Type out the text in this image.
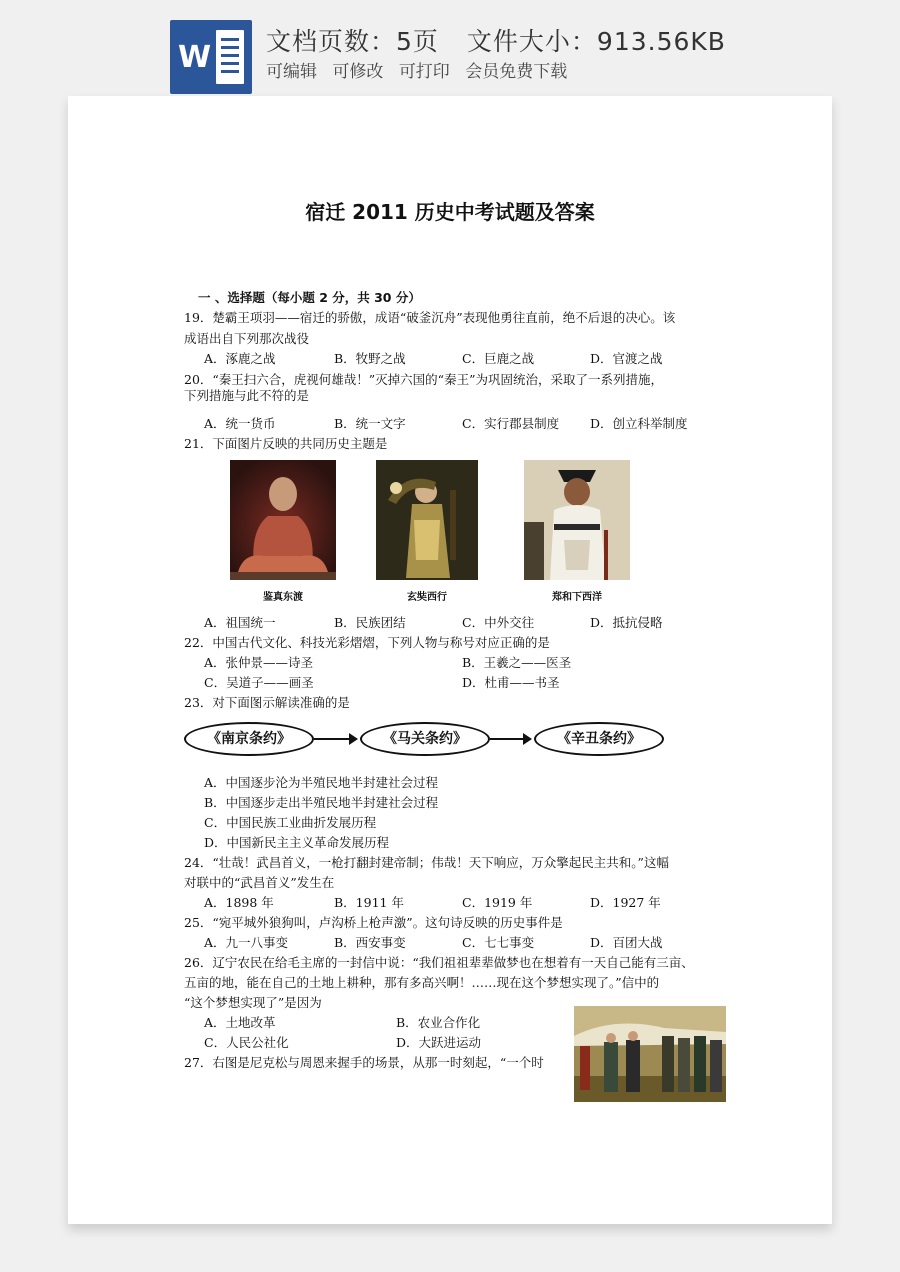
W 文档页数：5页 文件大小：913.56KB
可编辑 可修改 可打印 会员免费下载
宿迁 2011 历史中考试题及答案
一 、选择题（每小题 2 分，共 30 分）
19．楚霸王项羽——宿迁的骄傲，成语“破釜沉舟”表现他勇往直前，绝不后退的决心。该
成语出自下列那次战役
A．涿鹿之战	B．牧野之战	C．巨鹿之战	D．官渡之战
20．“秦王扫六合，虎视何雄哉！”灭掉六国的“秦王”为巩固统治，采取了一系列措施，
下列措施与此不符的是
A．统一货币	B．统一文字	C．实行郡县制度 D．创立科举制度
21．下面图片反映的共同历史主题是
鉴真东渡	玄奘西行	郑和下西洋
A．祖国统一	B．民族团结	C．中外交往	D．抵抗侵略
22．中国古代文化、科技光彩熠熠，下列人物与称号对应正确的是
A．张仲景——诗圣	B．王羲之——医圣
C．吴道子——画圣	D．杜甫——书圣
23．对下面图示解读准确的是
《南京条约》	《马关条约》	《辛丑条约》
A．中国逐步沦为半殖民地半封建社会过程
B．中国逐步走出半殖民地半封建社会过程
C．中国民族工业曲折发展历程
D．中国新民主主义革命发展历程
24．“壮哉！武昌首义，一枪打翻封建帝制；伟哉！天下响应，万众擎起民主共和。”这幅
对联中的“武昌首义”发生在
A．1898 年	B．1911 年	C．1919 年	D．1927 年
25．“宛平城外狼狗叫，卢沟桥上枪声激”。这句诗反映的历史事件是
A．九一八事变	B．西安事变	C．七七事变	D．百团大战
26．辽宁农民在给毛主席的一封信中说：“我们祖祖辈辈做梦也在想着有一天自己能有三亩、
五亩的地，能在自己的土地上耕种，那有多高兴啊！……现在这个梦想实现了。”信中的
“这个梦想实现了”是因为
A．土地改革	B．农业合作化
C．人民公社化	D．大跃进运动
27．右图是尼克松与周恩来握手的场景，从那一时刻起，“一个时
